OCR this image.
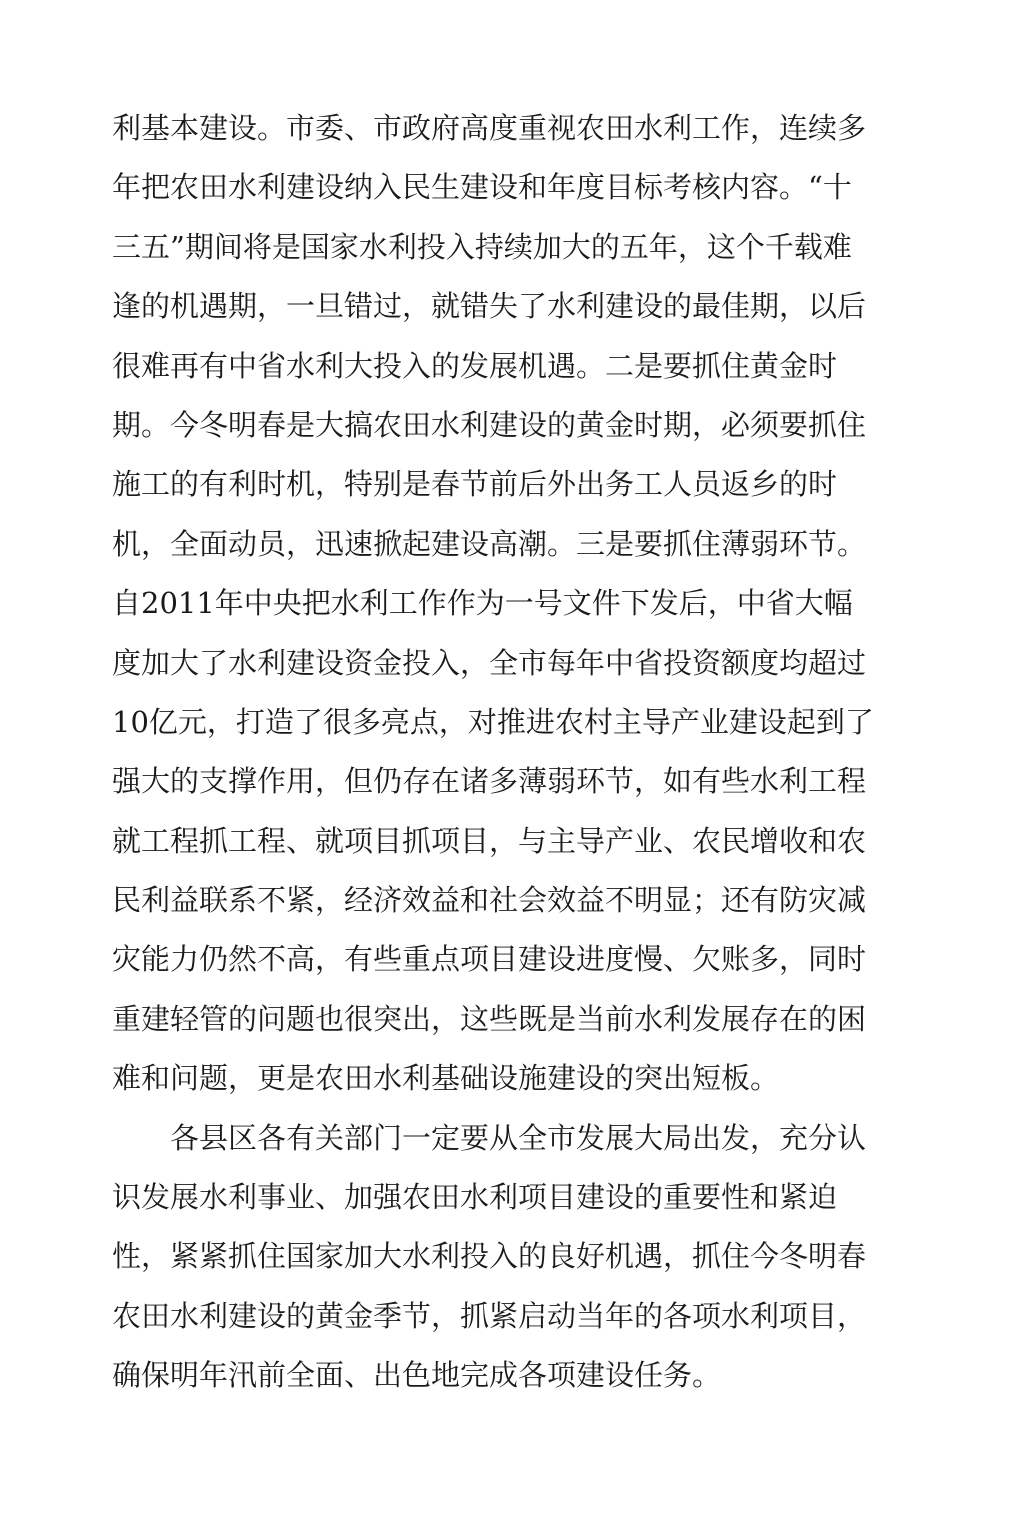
利基本建设。市委、市政府高度重视农田水利工作，连续多
年把农田水利建设纳入民生建设和年度目标考核内容。“十
三五”期间将是国家水利投入持续加大的五年，这个千载难
逢的机遇期，一旦错过，就错失了水利建设的最佳期，以后
很难再有中省水利大投入的发展机遇。二是要抓住黄金时
期。今冬明春是大搞农田水利建设的黄金时期，必须要抓住
施工的有利时机，特别是春节前后外出务工人员返乡的时
机，全面动员，迅速掀起建设高潮。三是要抓住薄弱环节。
自2011年中央把水利工作作为一号文件下发后，中省大幅
度加大了水利建设资金投入，全市每年中省投资额度均超过
10亿元，打造了很多亮点，对推进农村主导产业建设起到了
强大的支撑作用，但仍存在诸多薄弱环节，如有些水利工程
就工程抓工程、就项目抓项目，与主导产业、农民增收和农
民利益联系不紧，经济效益和社会效益不明显；还有防灾减
灾能力仍然不高，有些重点项目建设进度慢、欠账多，同时
重建轻管的问题也很突出，这些既是当前水利发展存在的困
难和问题，更是农田水利基础设施建设的突出短板。
各县区各有关部门一定要从全市发展大局出发，充分认
识发展水利事业、加强农田水利项目建设的重要性和紧迫
性，紧紧抓住国家加大水利投入的良好机遇，抓住今冬明春
农田水利建设的黄金季节，抓紧启动当年的各项水利项目，
确保明年汛前全面、出色地完成各项建设任务。
